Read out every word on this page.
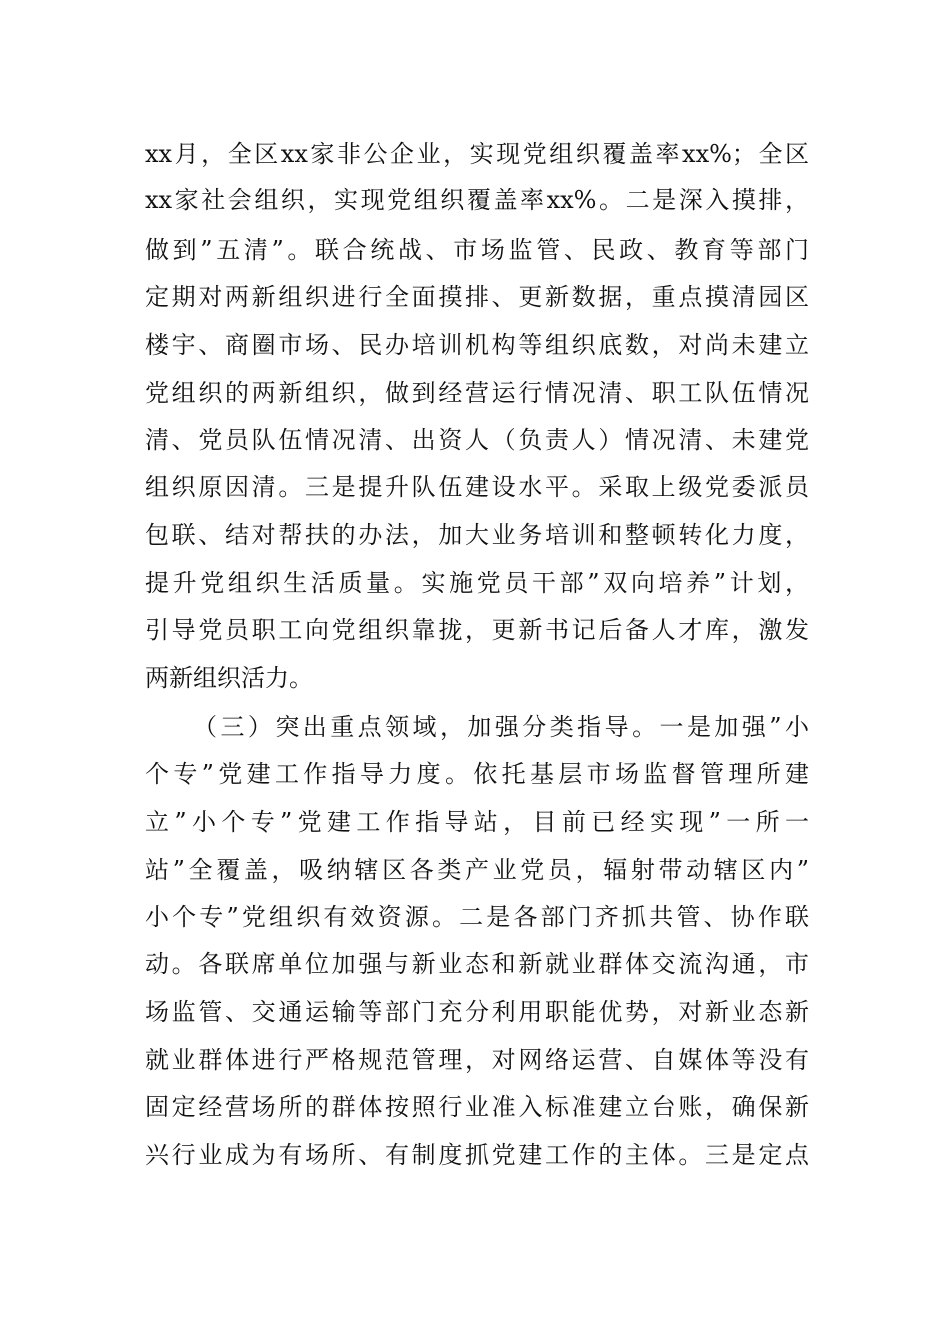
xx月，全区xx家非公企业，实现党组织覆盖率xx%；全区
xx家社会组织，实现党组织覆盖率xx%。二是深入摸排，
做到”五清”。联合统战、市场监管、民政、教育等部门
定期对两新组织进行全面摸排、更新数据，重点摸清园区
楼宇、商圈市场、民办培训机构等组织底数，对尚未建立
党组织的两新组织，做到经营运行情况清、职工队伍情况
清、党员队伍情况清、出资人（负责人）情况清、未建党
组织原因清。三是提升队伍建设水平。采取上级党委派员
包联、结对帮扶的办法，加大业务培训和整顿转化力度，
提升党组织生活质量。实施党员干部”双向培养”计划，
引导党员职工向党组织靠拢，更新书记后备人才库，激发
两新组织活力。
（三）突出重点领域，加强分类指导。一是加强”小
个专”党建工作指导力度。依托基层市场监督管理所建
立”小个专”党建工作指导站，目前已经实现”一所一
站”全覆盖，吸纳辖区各类产业党员，辐射带动辖区内”
小个专”党组织有效资源。二是各部门齐抓共管、协作联
动。各联席单位加强与新业态和新就业群体交流沟通，市
场监管、交通运输等部门充分利用职能优势，对新业态新
就业群体进行严格规范管理，对网络运营、自媒体等没有
固定经营场所的群体按照行业准入标准建立台账，确保新
兴行业成为有场所、有制度抓党建工作的主体。三是定点
